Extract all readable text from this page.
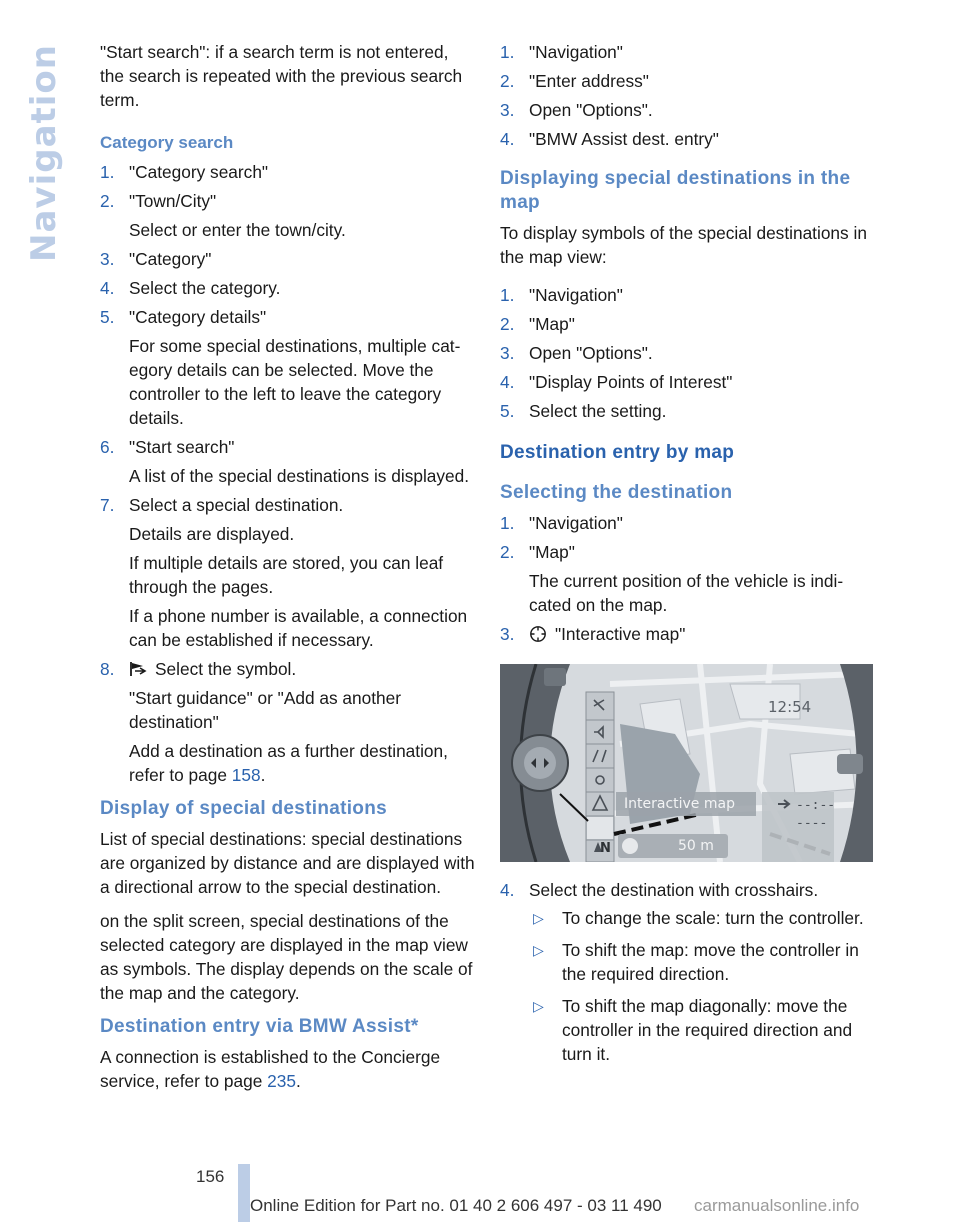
Navigation "Start search": if a search term is not entered, the search is repeated with the previous search term.

Category search
1. "Category search"
2. "Town/City"
Select or enter the town/city.
3. "Category"
4. Select the category.
5. "Category details"
For some special destinations, multiple cat-egory details can be selected. Move the controller to the left to leave the category details.
6. "Start search"
A list of the special destinations is displayed.
7. Select a special destination.
Details are displayed.
If multiple details are stored, you can leaf through the pages.
If a phone number is available, a connection can be established if necessary.
8. Select the symbol.
"Start guidance" or "Add as another destination"
Add a destination as a further destination, refer to page 158.
Display of special destinations

List of special destinations: special destinations are organized by distance and are displayed with a directional arrow to the special destination.

on the split screen, special destinations of the selected category are displayed in the map view as symbols. The display depends on the scale of the map and the category.

Destination entry via BMW Assist*

A connection is established to the Concierge service, refer to page 235.

1. "Navigation"
2. "Enter address"
3. Open "Options".
4. "BMW Assist dest. entry"
Displaying special destinations in the map

To display symbols of the special destinations in the map view:

1. "Navigation"
2. "Map"
3. Open "Options".
4. "Display Points of Interest"
5. Select the setting.
Destination entry by map
Selecting the destination
1. "Navigation"
2. "Map"
The current position of the vehicle is indi-cated on the map.
3. "Interactive map"
12:54
Interactive map
N	50 m
--:--
----
4. Select the destination with crosshairs.
▷ To change the scale: turn the controller.
▷ To shift the map: move the controller in the required direction.
▷ To shift the map diagonally: move the controller in the required direction and turn it.
156
Online Edition for Part no. 01 40 2 606 497 - 03 11 490 carmanualsonline.info
